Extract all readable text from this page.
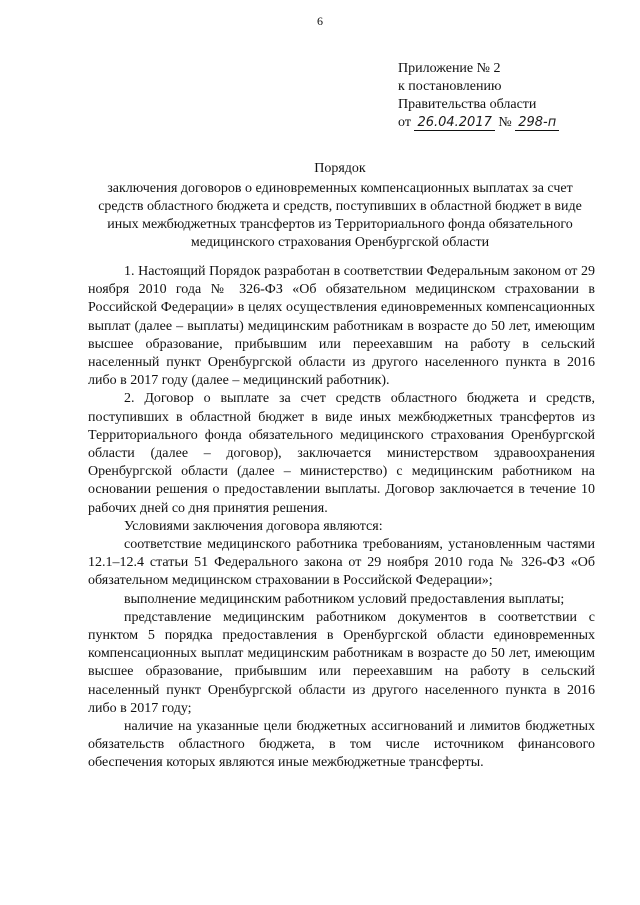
6
Приложение № 2
к постановлению
Правительства области
от 26.04.2017 № 298-п
Порядок
заключения договоров о единовременных компенсационных выплатах за счет средств областного бюджета и средств, поступивших в областной бюджет в виде иных межбюджетных трансфертов из Территориального фонда обязательного медицинского страхования Оренбургской области

1. Настоящий Порядок разработан в соответствии Федеральным законом от 29 ноября 2010 года № 326-ФЗ «Об обязательном медицинском страховании в Российской Федерации» в целях осуществления единовременных компенсационных выплат (далее – выплаты) медицинским работникам в возрасте до 50 лет, имеющим высшее образование, прибывшим или переехавшим на работу в сельский населенный пункт Оренбургской области из другого населенного пункта в 2016 либо в 2017 году (далее – медицинский работник).

2. Договор о выплате за счет средств областного бюджета и средств, поступивших в областной бюджет в виде иных межбюджетных трансфертов из Территориального фонда обязательного медицинского страхования Оренбургской области (далее – договор), заключается министерством здравоохранения Оренбургской области (далее – министерство) с медицинским работником на основании решения о предоставлении выплаты. Договор заключается в течение 10 рабочих дней со дня принятия решения.

Условиями заключения договора являются:

соответствие медицинского работника требованиям, установленным частями 12.1–12.4 статьи 51 Федерального закона от 29 ноября 2010 года № 326-ФЗ «Об обязательном медицинском страховании в Российской Федерации»;

выполнение медицинским работником условий предоставления выплаты;

представление медицинским работником документов в соответствии с пунктом 5 порядка предоставления в Оренбургской области единовременных компенсационных выплат медицинским работникам в возрасте до 50 лет, имеющим высшее образование, прибывшим или переехавшим на работу в сельский населенный пункт Оренбургской области из другого населенного пункта в 2016 либо в 2017 году;

наличие на указанные цели бюджетных ассигнований и лимитов бюджетных обязательств областного бюджета, в том числе источником финансового обеспечения которых являются иные межбюджетные трансферты.
